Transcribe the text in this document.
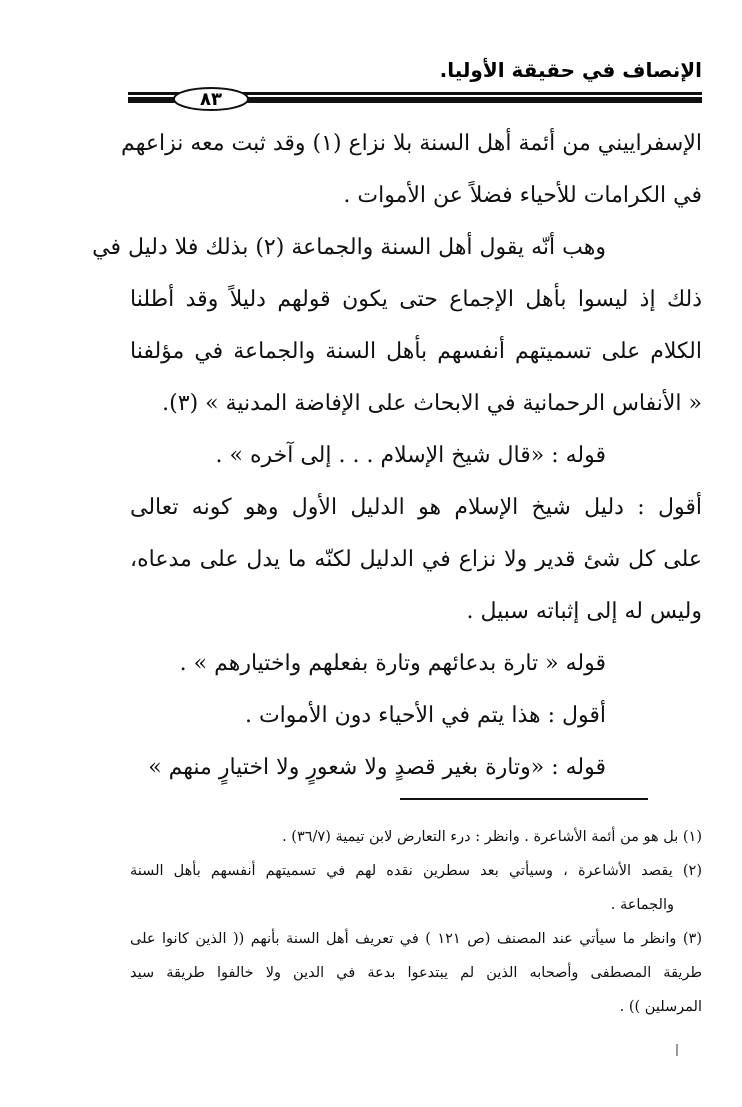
الإنصاف في حقيقة الأوليا.
٨٣
الإسفراييني من أئمة أهل السنة بلا نزاع (١) وقد ثبت معه نزاعهم
في الكرامات للأحياء فضلاً عن الأموات .
وهب أنّه يقول أهل السنة والجماعة (٢) بذلك فلا دليل في
ذلك إذ ليسوا بأهل الإجماع حتى يكون قولهم دليلاً وقد أطلنا
الكلام على تسميتهم أنفسهم بأهل السنة والجماعة في مؤلفنا
« الأنفاس الرحمانية في الابحاث على الإفاضة المدنية » (٣).
قوله : «قال شيخ الإسلام . . . إلى آخره » .
أقول : دليل شيخ الإسلام هو الدليل الأول وهو كونه تعالى
على كل شئ قدير ولا نزاع في الدليل لكنّه ما يدل على مدعاه،
وليس له إلى إثباته سبيل .
قوله « تارة بدعائهم وتارة بفعلهم واختيارهم » .
أقول : هذا يتم في الأحياء دون الأموات .
قوله : «وتارة بغير قصدٍ ولا شعورٍ ولا اختيارٍ منهم »
(١) بل هو من أئمة الأشاعرة . وانظر : درء التعارض لابن تيمية (٣٦/٧) .
(٢) يقصد الأشاعرة ، وسيأتي بعد سطرين نقده لهم في تسميتهم أنفسهم بأهل السنة
والجماعة .
(٣) وانظر ما سيأتي عند المصنف (ص ١٢١ ) في تعريف أهل السنة بأنهم (( الذين كانوا على
طريقة المصطفى وأصحابه الذين لم يبتدعوا بدعة في الدين ولا خالفوا طريقة سيد
المرسلين )) .
